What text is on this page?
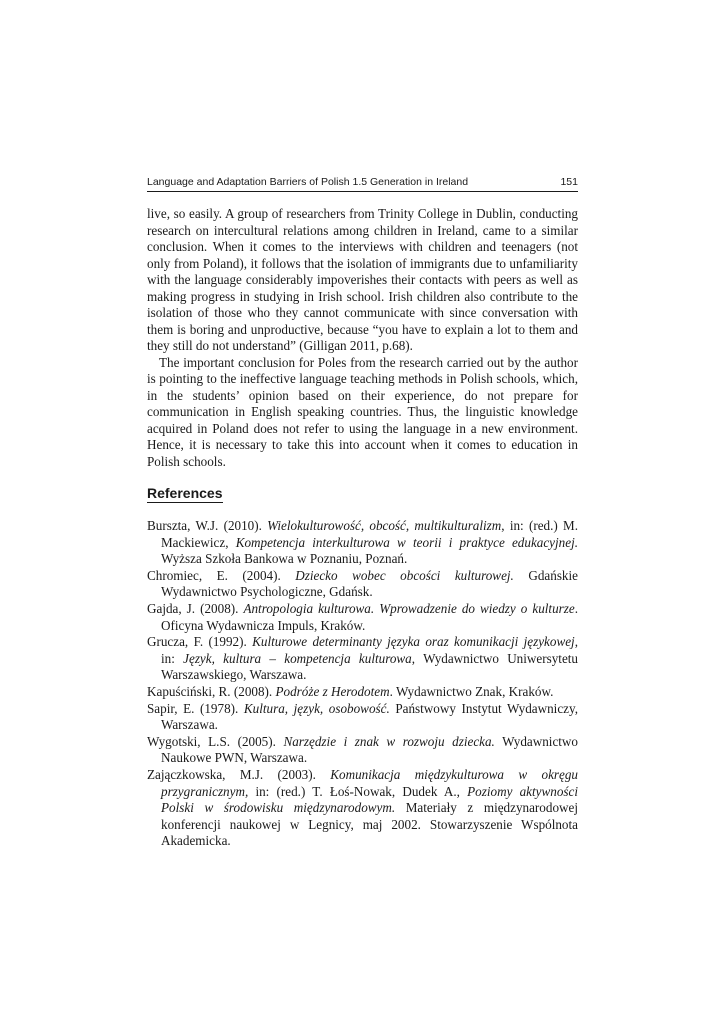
Language and Adaptation Barriers of Polish 1.5 Generation in Ireland	151

live, so easily. A group of researchers from Trinity College in Dublin, conducting research on intercultural relations among children in Ireland, came to a similar conclusion. When it comes to the interviews with children and teenagers (not only from Poland), it follows that the isolation of immigrants due to unfamiliarity with the language considerably impoverishes their contacts with peers as well as making progress in studying in Irish school. Irish children also contribute to the isolation of those who they cannot communicate with since conversation with them is boring and unproductive, because “you have to explain a lot to them and they still do not understand” (Gilligan 2011, p.68).

The important conclusion for Poles from the research carried out by the author is pointing to the ineffective language teaching methods in Polish schools, which, in the students’ opinion based on their experience, do not prepare for communication in English speaking countries. Thus, the linguistic knowledge acquired in Poland does not refer to using the language in a new environment. Hence, it is necessary to take this into account when it comes to education in Polish schools.

References
Burszta, W.J. (2010). Wielokulturowość, obcość, multikulturalizm, in: (red.) M. Mackiewicz, Kompetencja interkulturowa w teorii i praktyce edukacyjnej. Wyższa Szkoła Bankowa w Poznaniu, Poznań.
Chromiec, E. (2004). Dziecko wobec obcości kulturowej. Gdańskie Wydawnictwo Psychologiczne, Gdańsk.
Gajda, J. (2008). Antropologia kulturowa. Wprowadzenie do wiedzy o kulturze. Oficyna Wydawnicza Impuls, Kraków.
Grucza, F. (1992). Kulturowe determinanty języka oraz komunikacji językowej, in: Język, kultura – kompetencja kulturowa, Wydawnictwo Uniwersytetu Warszawskiego, Warszawa.
Kapuściński, R. (2008). Podróże z Herodotem. Wydawnictwo Znak, Kraków.
Sapir, E. (1978). Kultura, język, osobowość. Państwowy Instytut Wydawniczy, Warszawa.
Wygotski, L.S. (2005). Narzędzie i znak w rozwoju dziecka. Wydawnictwo Naukowe PWN, Warszawa.
Zajączkowska, M.J. (2003). Komunikacja międzykulturowa w okręgu przygranicznym, in: (red.) T. Łoś-Nowak, Dudek A., Poziomy aktywności Polski w środowisku międzynarodowym. Materiały z międzynarodowej konferencji naukowej w Legnicy, maj 2002. Stowarzyszenie Wspólnota Akademicka.
